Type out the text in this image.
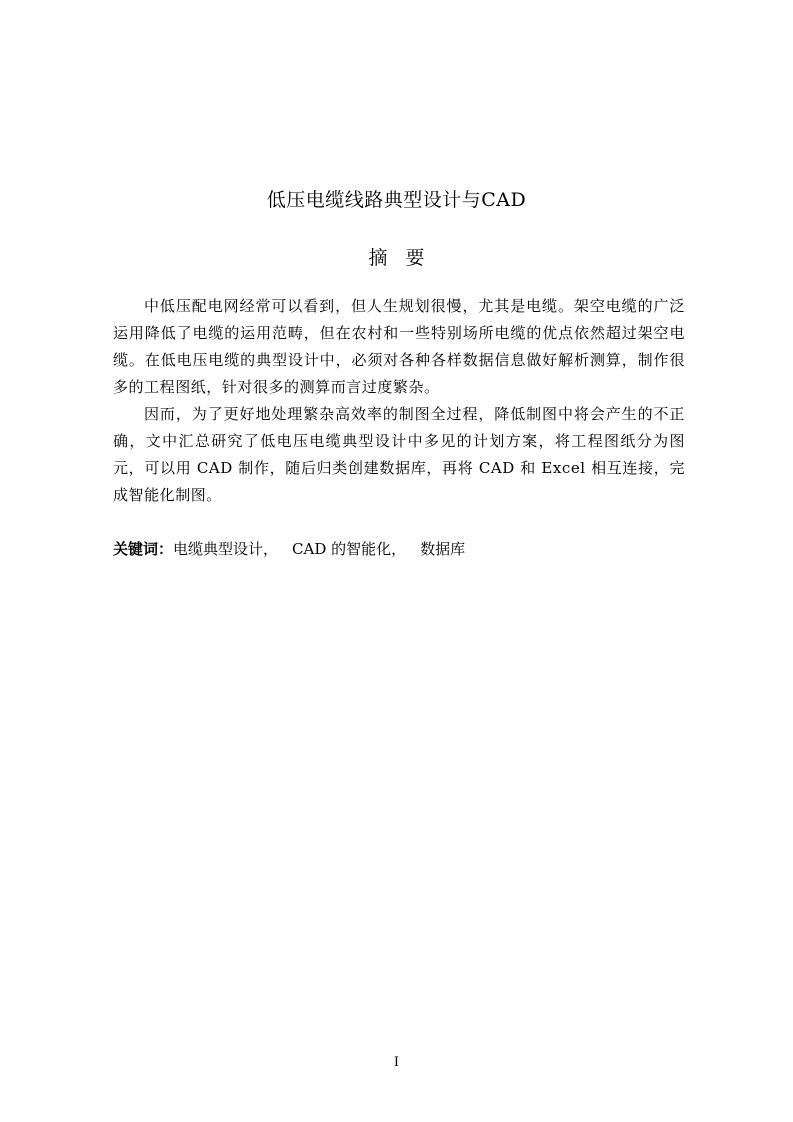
低压电缆线路典型设计与CAD
摘要

中低压配电网经常可以看到，但人生规划很慢，尤其是电缆。架空电缆的广泛运用降低了电缆的运用范畴，但在农村和一些特别场所电缆的优点依然超过架空电缆。在低电压电缆的典型设计中，必须对各种各样数据信息做好解析测算，制作很多的工程图纸，针对很多的测算而言过度繁杂。

因而，为了更好地处理繁杂高效率的制图全过程，降低制图中将会产生的不正确，文中汇总研究了低电压电缆典型设计中多见的计划方案，将工程图纸分为图元，可以用 CAD 制作，随后归类创建数据库，再将 CAD 和 Excel 相互连接，完成智能化制图。

关键词：电缆典型设计， CAD 的智能化， 数据库
I
